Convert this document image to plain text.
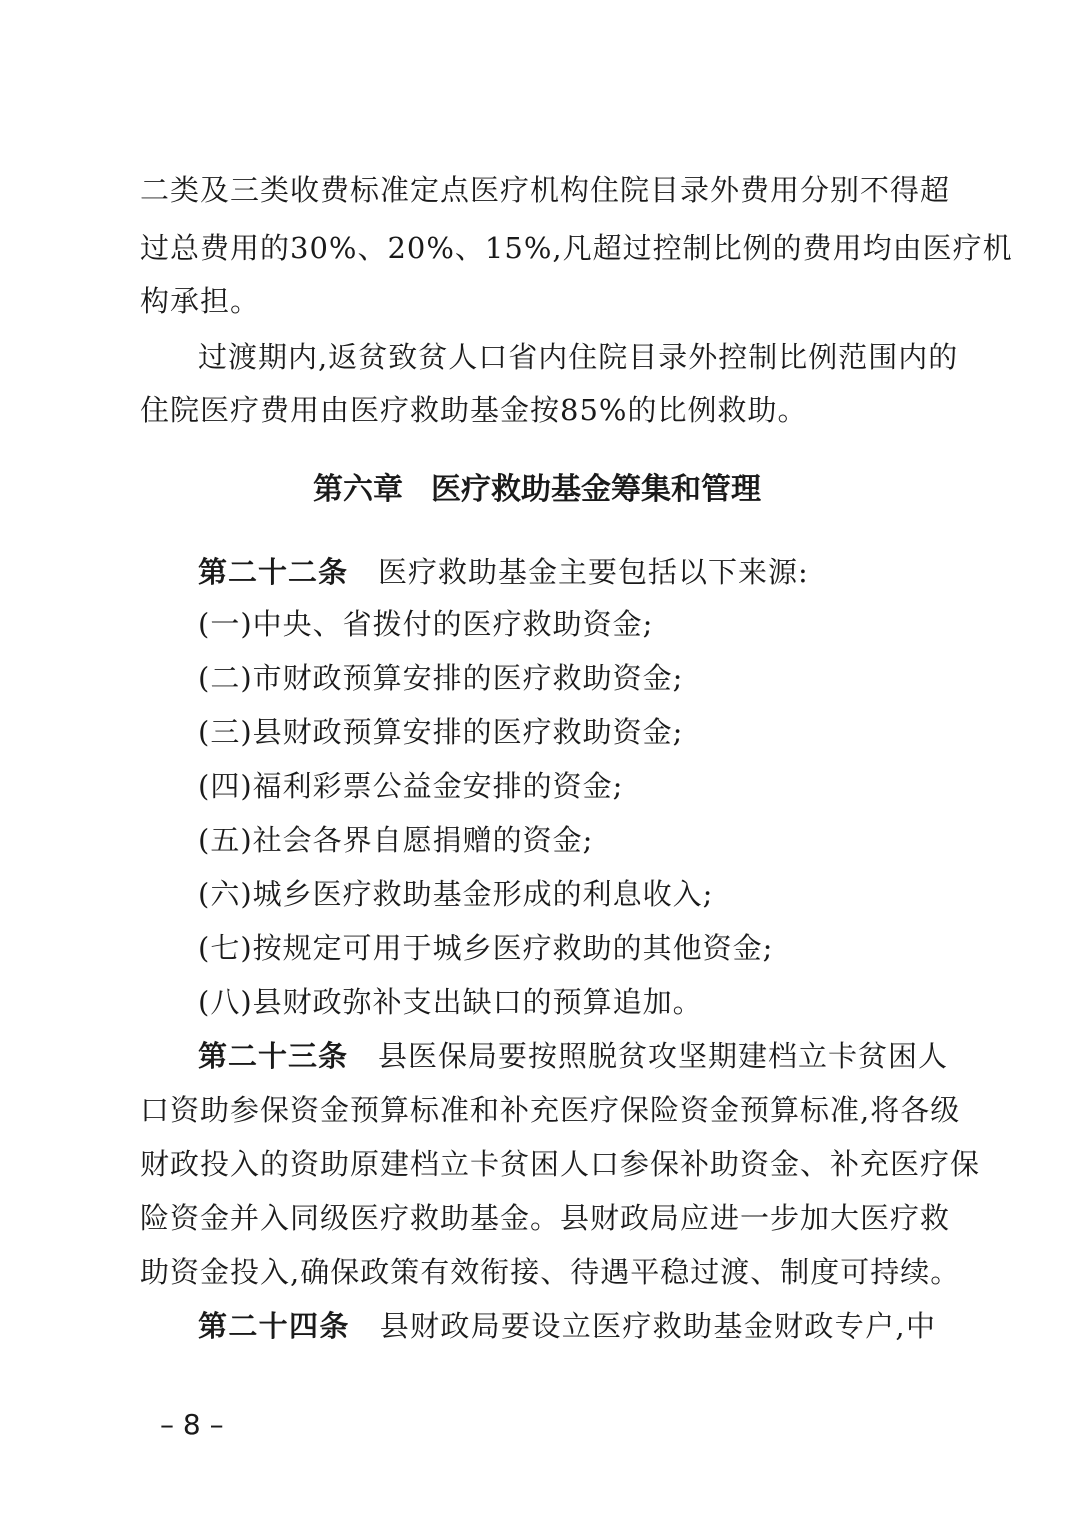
二类及三类收费标准定点医疗机构住院目录外费用分别不得超
过总费用的30%、20%、15%,凡超过控制比例的费用均由医疗机
构承担。
过渡期内,返贫致贫人口省内住院目录外控制比例范围内的
住院医疗费用由医疗救助基金按85%的比例救助。
第六章 医疗救助基金筹集和管理
第二十二条 医疗救助基金主要包括以下来源:
(一)中央、省拨付的医疗救助资金;
(二)市财政预算安排的医疗救助资金;
(三)县财政预算安排的医疗救助资金;
(四)福利彩票公益金安排的资金;
(五)社会各界自愿捐赠的资金;
(六)城乡医疗救助基金形成的利息收入;
(七)按规定可用于城乡医疗救助的其他资金;
(八)县财政弥补支出缺口的预算追加。
第二十三条 县医保局要按照脱贫攻坚期建档立卡贫困人
口资助参保资金预算标准和补充医疗保险资金预算标准,将各级
财政投入的资助原建档立卡贫困人口参保补助资金、补充医疗保
险资金并入同级医疗救助基金。县财政局应进一步加大医疗救
助资金投入,确保政策有效衔接、待遇平稳过渡、制度可持续。
第二十四条 县财政局要设立医疗救助基金财政专户,中
– 8 –
